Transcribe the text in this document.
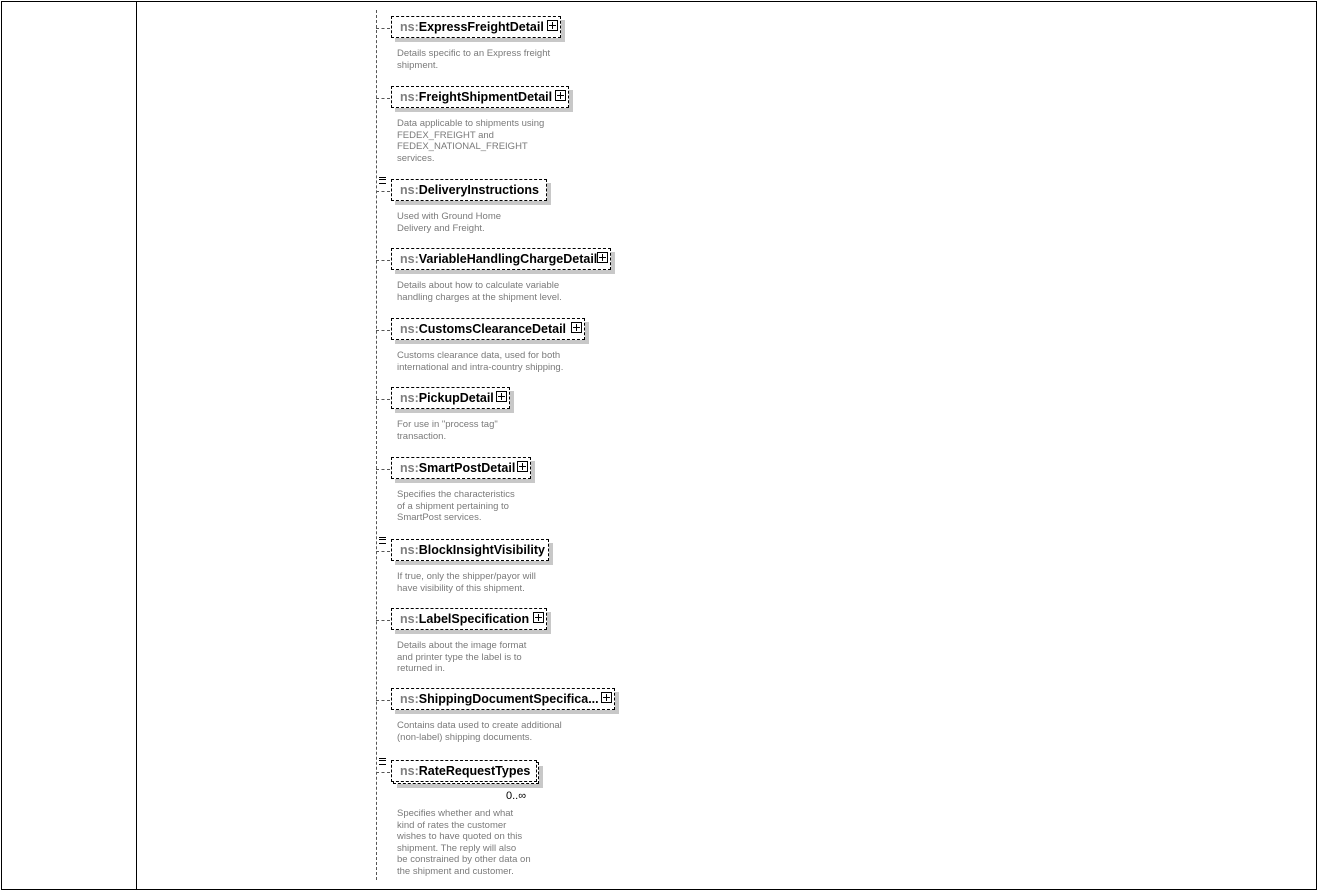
ns: ExpressFreightDetail
Details specific to an Express freight
shipment.
ns: FreightShipmentDetail
Data applicable to shipments using
FEDEX_FREIGHT and
FEDEX_NATIONAL_FREIGHT
services.
ns: DeliveryInstructions
Used with Ground Home
Delivery and Freight.
ns: VariableHandlingChargeDetail
Details about how to calculate variable
handling charges at the shipment level.
ns: CustomsClearanceDetail
Customs clearance data, used for both
international and intra-country shipping.
ns: PickupDetail
For use in "process tag"
transaction.
ns: SmartPostDetail
Specifies the characteristics
of a shipment pertaining to
SmartPost services.
ns: BlockInsightVisibility
If true, only the shipper/payor will
have visibility of this shipment.
ns: LabelSpecification
Details about the image format
and printer type the label is to
returned in.
ns: ShippingDocumentSpecifica...
Contains data used to create additional
(non-label) shipping documents.
ns: RateRequestTypes
0..∞
Specifies whether and what
kind of rates the customer
wishes to have quoted on this
shipment. The reply will also
be constrained by other data on
the shipment and customer.
